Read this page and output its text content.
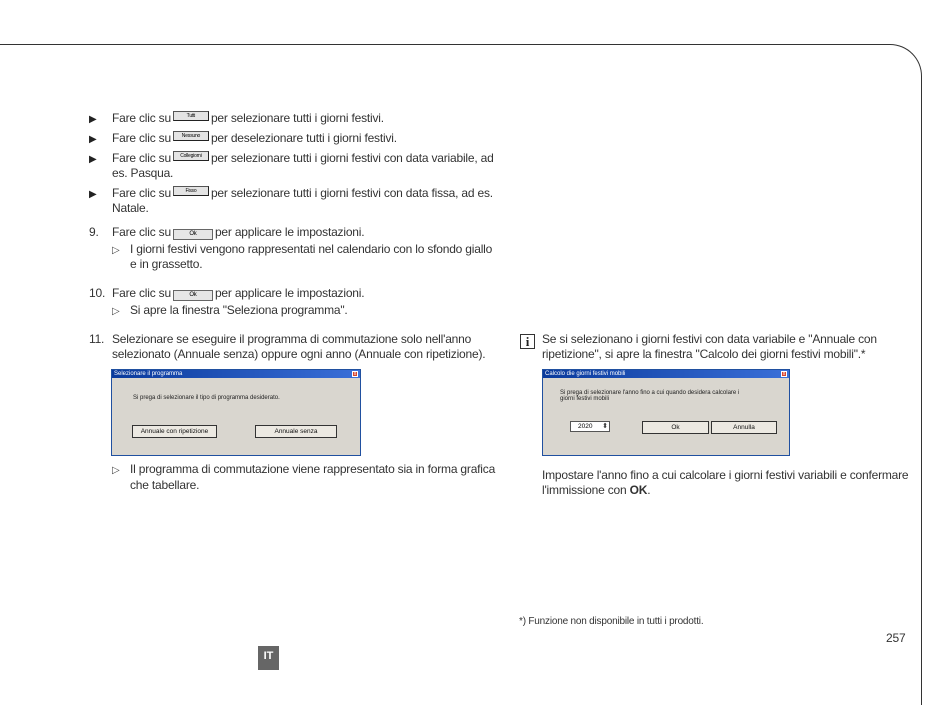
▶ Fare clic su	Tutti per selezionare tutti i giorni festivi.
▶ Fare clic su Nessuno per deselezionare tutti i giorni festivi.
▶ Fare clic su Collegiorni per selezionare tutti i giorni festivi con data variabile, ad
es. Pasqua.
▶ Fare clic su	Fisso per selezionare tutti i giorni festivi con data fissa, ad es.
Natale.
9. Fare clic su	Ok per applicare le impostazioni.
▷ I giorni festivi vengono rappresentati nel calendario con lo sfondo giallo
e in grassetto.
10. Fare clic su	Ok per applicare le impostazioni.
▷ Si apre la finestra "Seleziona programma".
11. Selezionare se eseguire il programma di commutazione solo nell'anno
selezionato (Annuale senza) oppure ogni anno (Annuale con ripetizione).
Selezionare il programma	x
Si prega di selezionare il tipo di programma desiderato.
Annuale con ripetizione	Annuale senza
▷ Il programma di commutazione viene rappresentato sia in forma grafica
che tabellare.
i	Se si selezionano i giorni festivi con data variabile e "Annuale con
ripetizione", si apre la finestra "Calcolo dei giorni festivi mobili".*
Calcolo die giorni festivi mobili	x
Si prega di selezionare l'anno fino a cui quando desidera calcolare i
giorni festivi mobili
2020 ⬍	Ok	Annulla
Impostare l'anno fino a cui calcolare i giorni festivi variabili e confermare
l'immissione con OK.
*) Funzione non disponibile in tutti i prodotti.
257
IT
